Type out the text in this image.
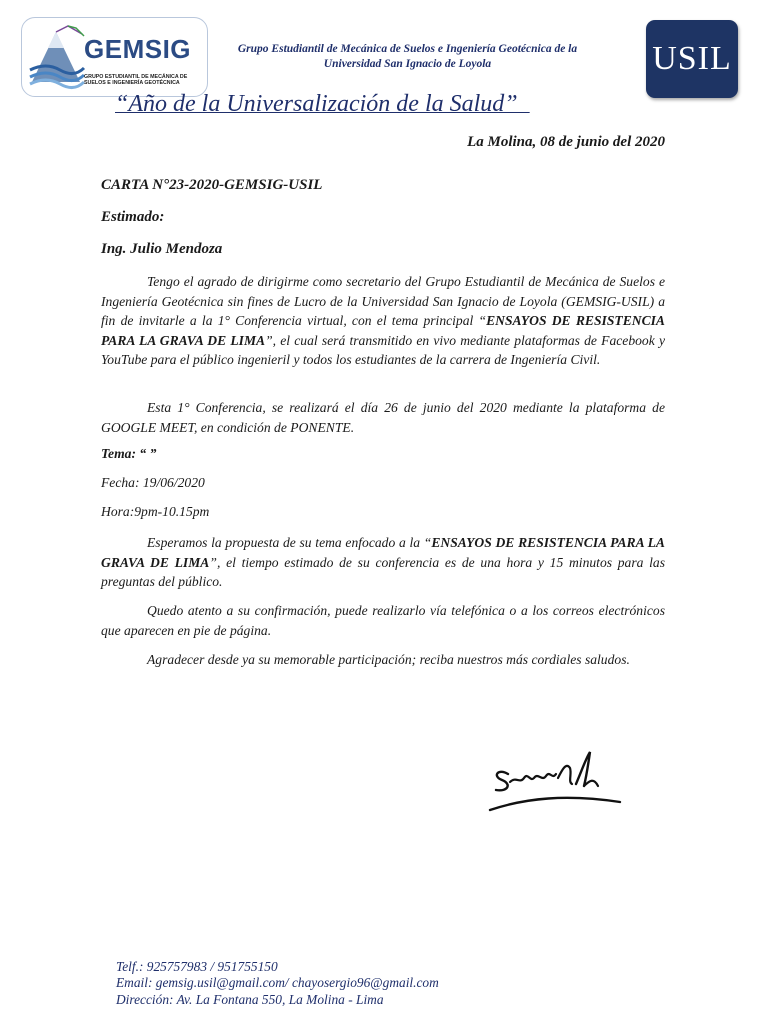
GEMSIG
GRUPO ESTUDIANTIL DE MECÁNICA DE SUELOS E INGENIERÍA GEOTÉCNICA
Grupo Estudiantil de Mecánica de Suelos e Ingeniería Geotécnica de la
Universidad San Ignacio de Loyola	USIL
“Año de la Universalización de la Salud”
La Molina, 08 de junio del 2020
CARTA N°23-2020-GEMSIG-USIL
Estimado:
Ing. Julio Mendoza

Tengo el agrado de dirigirme como secretario del Grupo Estudiantil de Mecánica de Suelos e Ingeniería Geotécnica sin fines de Lucro de la Universidad San Ignacio de Loyola (GEMSIG-USIL) a fin de invitarle a la 1° Conferencia virtual, con el tema principal “ENSAYOS DE RESISTENCIA PARA LA GRAVA DE LIMA”, el cual será transmitido en vivo mediante plataformas de Facebook y YouTube para el público ingenieril y todos los estudiantes de la carrera de Ingeniería Civil.

Esta 1° Conferencia, se realizará el día 26 de junio del 2020 mediante la plataforma de GOOGLE MEET, en condición de PONENTE.

Tema: “ ”
Fecha: 19/06/2020
Hora:9pm-10.15pm

Esperamos la propuesta de su tema enfocado a la “ENSAYOS DE RESISTENCIA PARA LA GRAVA DE LIMA”, el tiempo estimado de su conferencia es de una hora y 15 minutos para las preguntas del público.

Quedo atento a su confirmación, puede realizarlo vía telefónica o a los correos electrónicos que aparecen en pie de página.

Agradecer desde ya su memorable participación; reciba nuestros más cordiales saludos.

Telf.: 925757983 / 951755150
Email: gemsig.usil@gmail.com/ chayosergio96@gmail.com
Dirección: Av. La Fontana 550, La Molina - Lima
